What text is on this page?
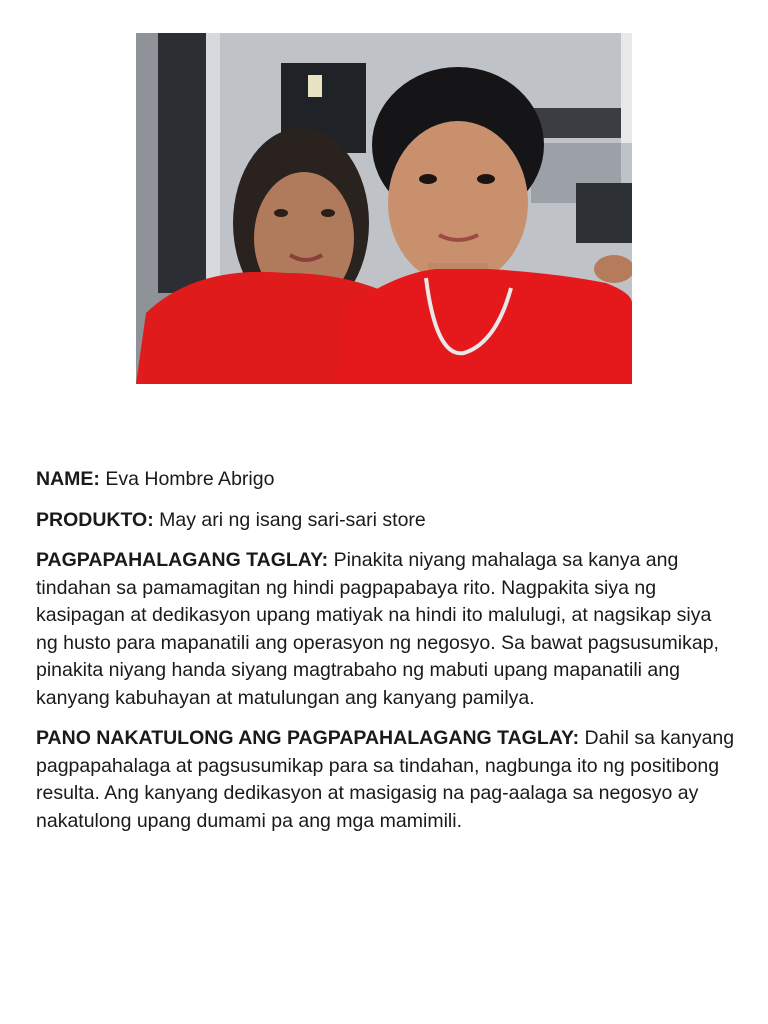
NAME: Eva Hombre Abrigo

PRODUKTO: May ari ng isang sari-sari store

PAGPAPAHALAGANG TAGLAY: Pinakita niyang mahalaga sa kanya ang tindahan sa pamamagitan ng hindi pagpapabaya rito. Nagpakita siya ng kasipagan at dedikasyon upang matiyak na hindi ito malulugi, at nagsikap siya ng husto para mapanatili ang operasyon ng negosyo. Sa bawat pagsusumikap, pinakita niyang handa siyang magtrabaho ng mabuti upang mapanatili ang kanyang kabuhayan at matulungan ang kanyang pamilya.

PANO NAKATULONG ANG PAGPAPAHALAGANG TAGLAY: Dahil sa kanyang pagpapahalaga at pagsusumikap para sa tindahan, nagbunga ito ng positibong resulta. Ang kanyang dedikasyon at masigasig na pag-aalaga sa negosyo ay nakatulong upang dumami pa ang mga mamimili.
